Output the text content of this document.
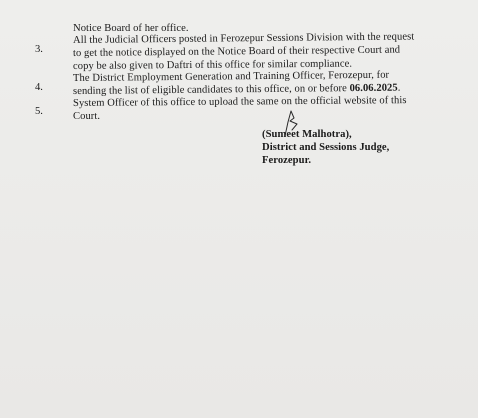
Notice Board of her office.
3.
All the Judicial Officers posted in Ferozepur Sessions Division with the request
to get the notice displayed on the Notice Board of their respective Court and
copy be also given to Daftri of this office for similar compliance.
4.
The District Employment Generation and Training Officer, Ferozepur, for
sending the list of eligible candidates to this office, on or before 06.06.2025.
5.
System Officer of this office to upload the same on the official website of this
Court.
(Sumeet Malhotra),
District and Sessions Judge,
Ferozepur.
